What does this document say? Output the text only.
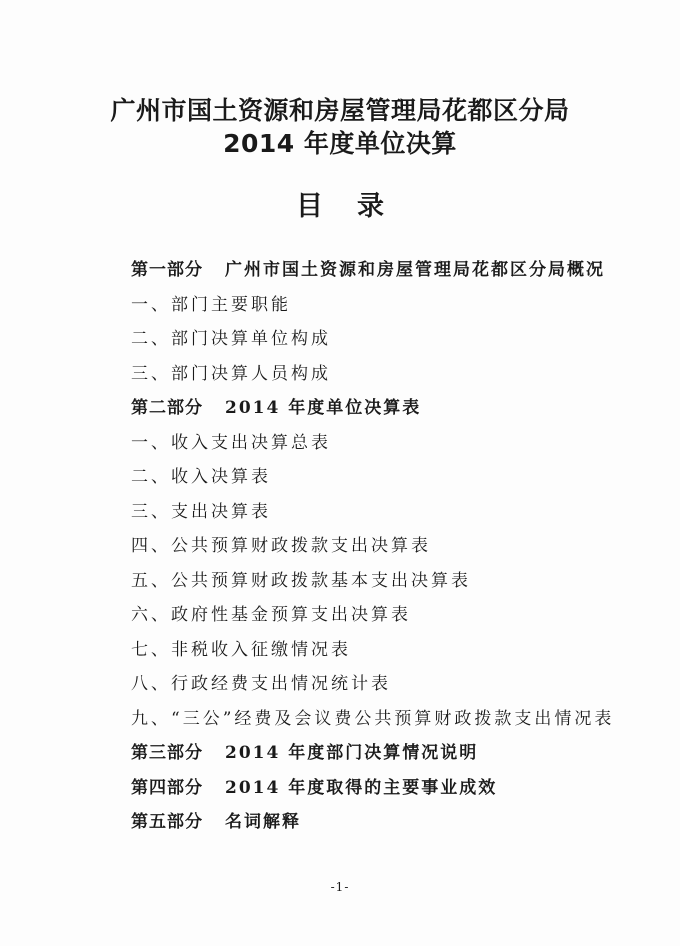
广州市国土资源和房屋管理局花都区分局
2014 年度单位决算
目录
第一部分 广州市国土资源和房屋管理局花都区分局概况
一、部门主要职能
二、部门决算单位构成
三、部门决算人员构成
第二部分 2014 年度单位决算表
一、收入支出决算总表
二、收入决算表
三、支出决算表
四、公共预算财政拨款支出决算表
五、公共预算财政拨款基本支出决算表
六、政府性基金预算支出决算表
七、非税收入征缴情况表
八、行政经费支出情况统计表
九、“三公”经费及会议费公共预算财政拨款支出情况表
第三部分 2014 年度部门决算情况说明
第四部分 2014 年度取得的主要事业成效
第五部分 名词解释
-1-
